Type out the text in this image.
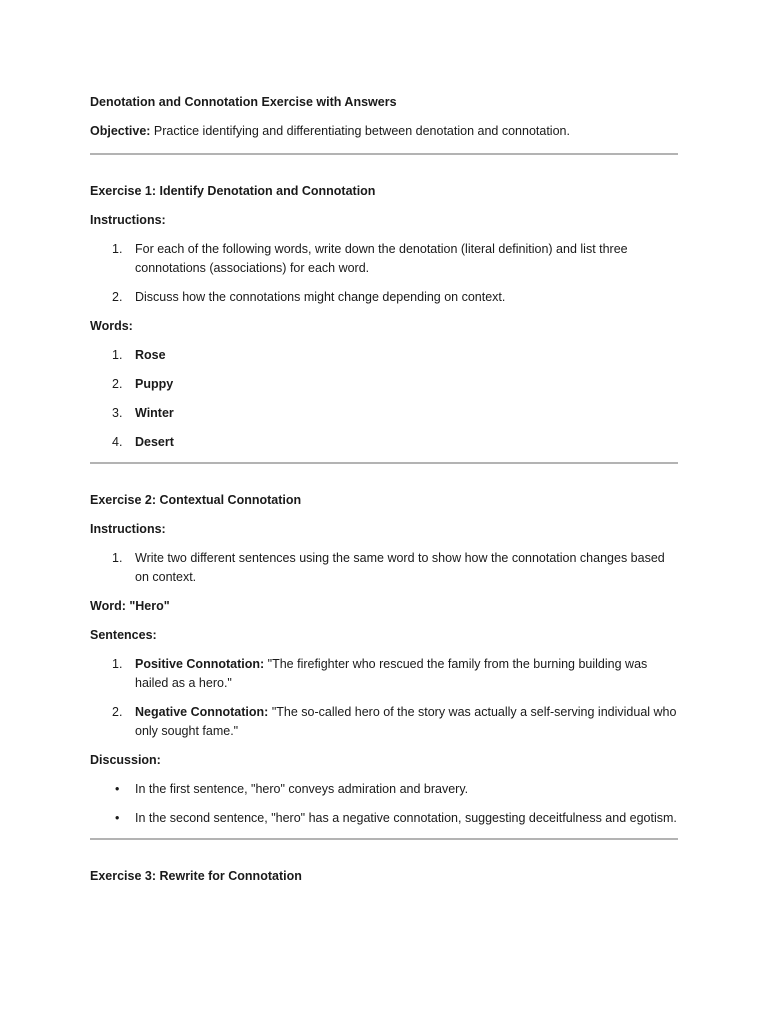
Denotation and Connotation Exercise with Answers

Objective: Practice identifying and differentiating between denotation and connotation.

Exercise 1: Identify Denotation and Connotation

Instructions:

1. For each of the following words, write down the denotation (literal definition) and list three connotations (associations) for each word.
2. Discuss how the connotations might change depending on context.

Words:

1. Rose
2. Puppy
3. Winter
4. Desert

Exercise 2: Contextual Connotation

Instructions:

1. Write two different sentences using the same word to show how the connotation changes based on context.

Word: "Hero"

Sentences:

1. Positive Connotation: "The firefighter who rescued the family from the burning building was hailed as a hero."
2. Negative Connotation: "The so-called hero of the story was actually a self-serving individual who only sought fame."

Discussion:

• In the first sentence, "hero" conveys admiration and bravery.
• In the second sentence, "hero" has a negative connotation, suggesting deceitfulness and egotism.

Exercise 3: Rewrite for Connotation
